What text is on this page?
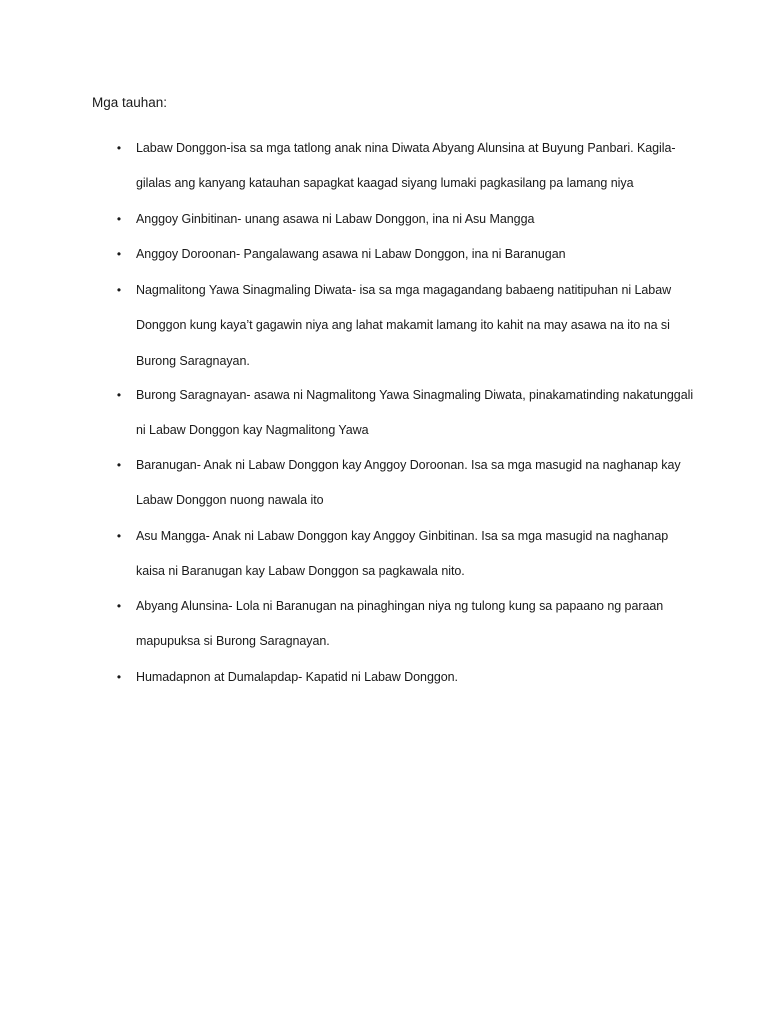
Mga tauhan:
• Labaw Donggon-isa sa mga tatlong anak nina Diwata Abyang Alunsina at Buyung Panbari. Kagila-gilalas ang kanyang katauhan sapagkat kaagad siyang lumaki pagkasilang pa lamang niya
• Anggoy Ginbitinan- unang asawa ni Labaw Donggon, ina ni Asu Mangga
• Anggoy Doroonan- Pangalawang asawa ni Labaw Donggon, ina ni Baranugan
• Nagmalitong Yawa Sinagmaling Diwata- isa sa mga magagandang babaeng natitipuhan ni Labaw Donggon kung kaya’t gagawin niya ang lahat makamit lamang ito kahit na may asawa na ito na si Burong Saragnayan.
• Burong Saragnayan- asawa ni Nagmalitong Yawa Sinagmaling Diwata, pinakamatinding nakatunggali ni Labaw Donggon kay Nagmalitong Yawa
• Baranugan- Anak ni Labaw Donggon kay Anggoy Doroonan. Isa sa mga masugid na naghanap kay Labaw Donggon nuong nawala ito
• Asu Mangga- Anak ni Labaw Donggon kay Anggoy Ginbitinan. Isa sa mga masugid na naghanap kaisa ni Baranugan kay Labaw Donggon sa pagkawala nito.
• Abyang Alunsina- Lola ni Baranugan na pinaghingan niya ng tulong kung sa papaano ng paraan mapupuksa si Burong Saragnayan.
• Humadapnon at Dumalapdap- Kapatid ni Labaw Donggon.
